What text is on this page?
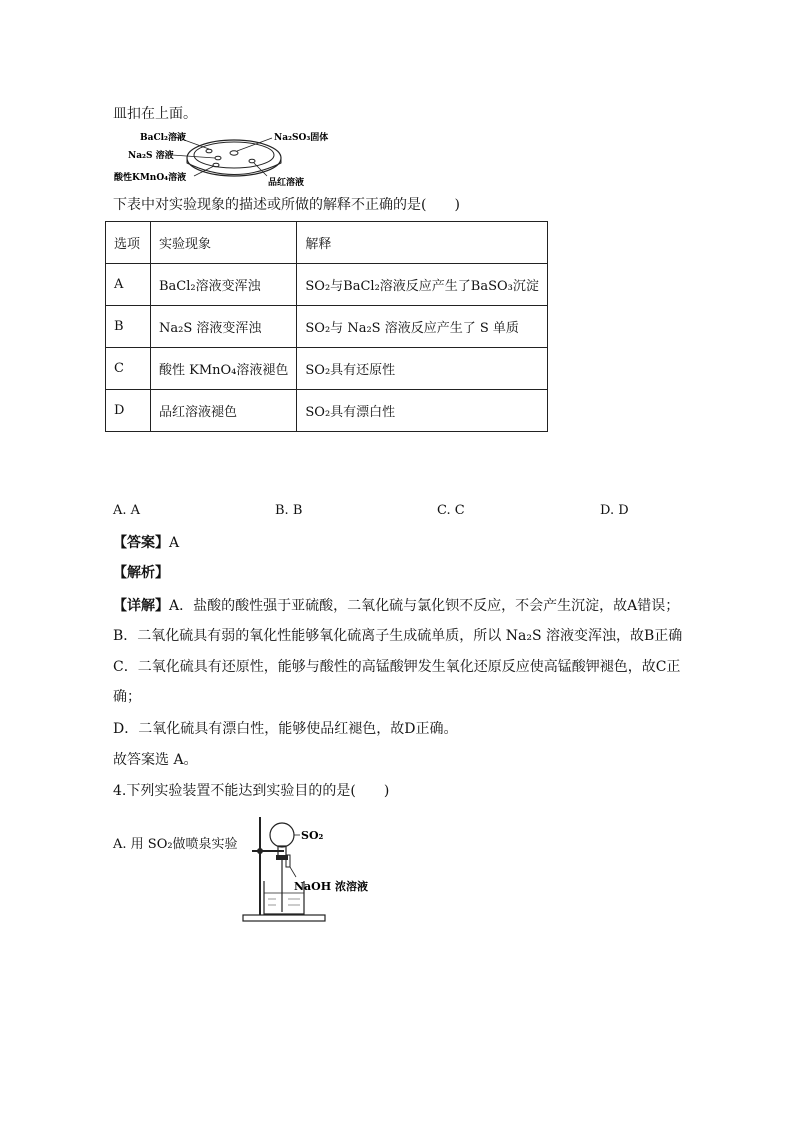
皿扣在上面。
BaCl₂溶液
Na₂S 溶液
酸性KMnO₄溶液
Na₂SO₃固体
品红溶液
下表中对实验现象的描述或所做的解释不正确的是(　　)
选项	实验现象	解释
A	BaCl₂溶液变浑浊	SO₂与BaCl₂溶液反应产生了BaSO₃沉淀
B	Na₂S 溶液变浑浊	SO₂与 Na₂S 溶液反应产生了 S 单质
C	酸性 KMnO₄溶液褪色	SO₂具有还原性
D	品红溶液褪色	SO₂具有漂白性
A. A	B. B	C. C	D. D
【答案】A
【解析】
【详解】A．盐酸的酸性强于亚硫酸，二氧化硫与氯化钡不反应，不会产生沉淀，故A错误；
B．二氧化硫具有弱的氧化性能够氧化硫离子生成硫单质，所以 Na₂S 溶液变浑浊，故B正确
C．二氧化硫具有还原性，能够与酸性的高锰酸钾发生氧化还原反应使高锰酸钾褪色，故C正
确；
D．二氧化硫具有漂白性，能够使品红褪色，故D正确。
故答案选 A。
4.下列实验装置不能达到实验目的的是(　　)
A. 用 SO₂做喷泉实验
SO₂
NaOH 浓溶液
